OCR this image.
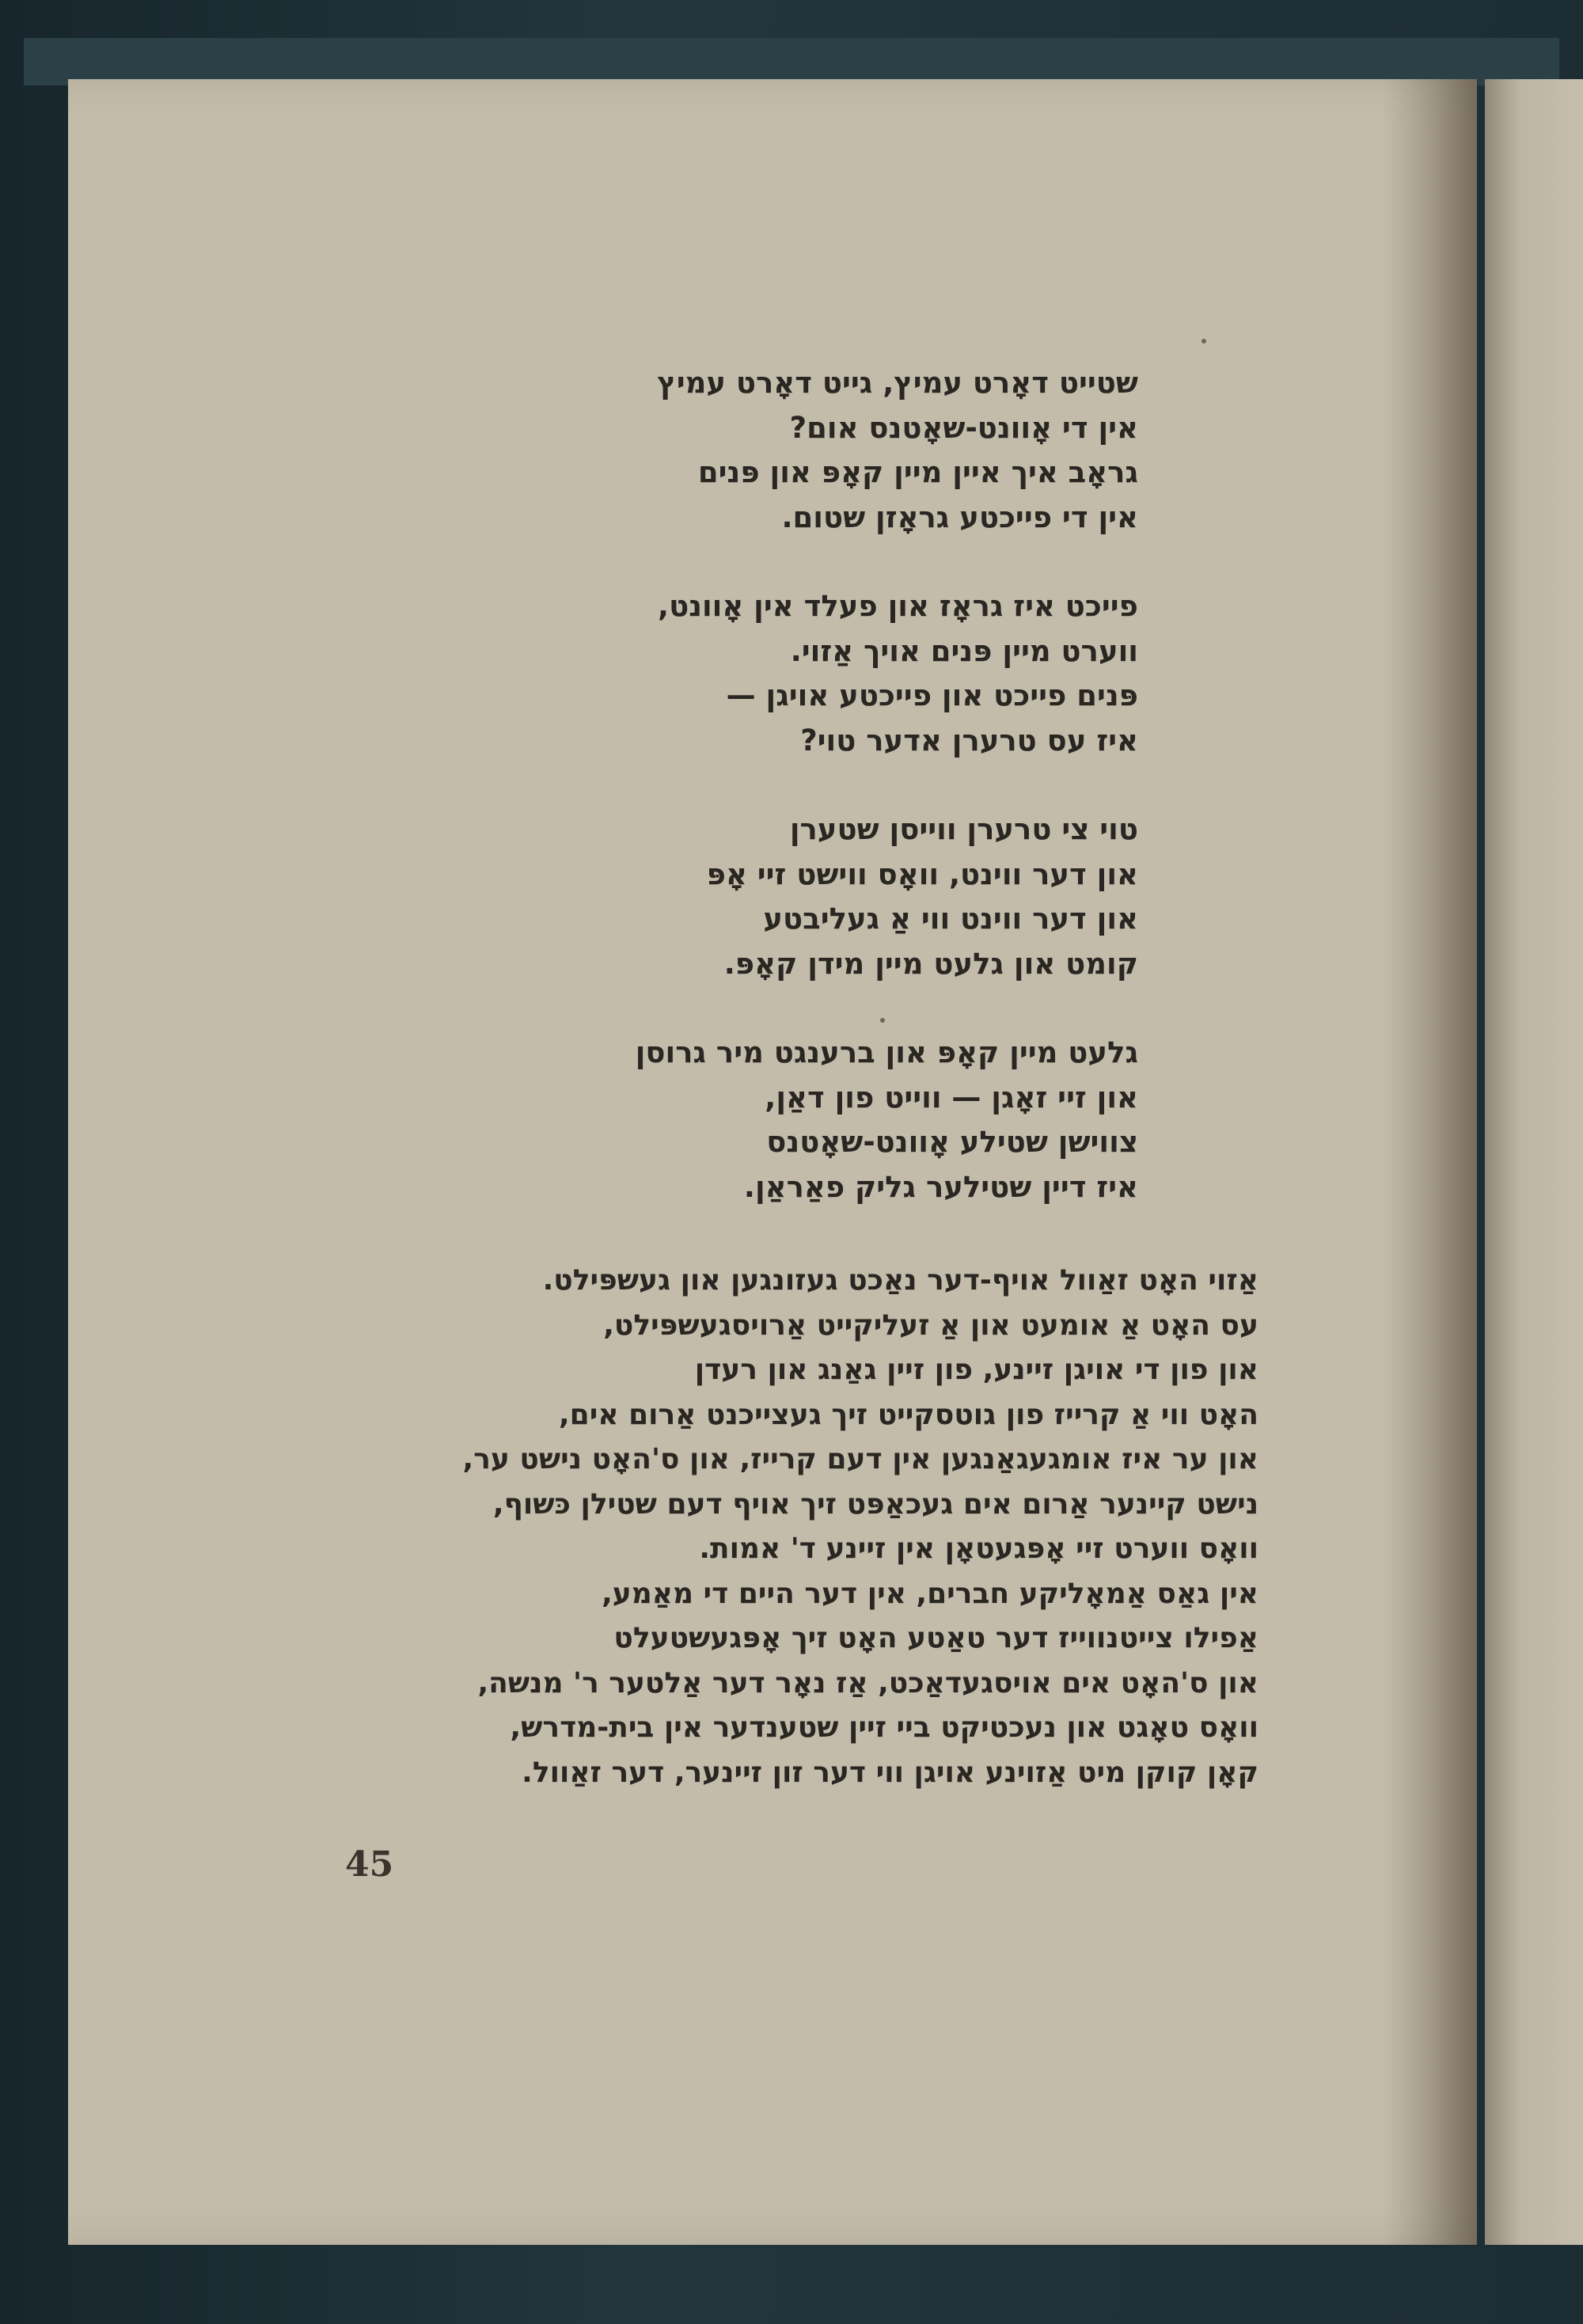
שטייט דאָרט עמיץ, גייט דאָרט עמיץ
אין די אָוונט-שאָטנס אום?
גראָב איך איין מיין קאָפּ און פּנים
אין די פייכטע גראָזן שטום.
פייכט איז גראָז און פעלד אין אָוונט,
ווערט מיין פּנים אויך אַזוי.
פּנים פייכט און פייכטע אויגן —
איז עס טרערן אדער טוי?
טוי צי טרערן ווייסן שטערן
און דער ווינט, וואָס ווישט זיי אָפּ
און דער ווינט ווי אַ געליבטע
קומט און גלעט מיין מידן קאָפּ.
גלעט מיין קאָפּ און ברענגט מיר גרוסן
און זיי זאָגן — ווייט פון דאַן,
צווישן שטילע אָוונט-שאָטנס
איז דיין שטילער גליק פאַראַן.
אַזוי האָט זאַוול אויף-דער נאַכט געזונגען און געשפּילט.
עס האָט אַ אומעט און אַ זעליקייט אַרויסגעשפּילט,
און פון די אויגן זיינע, פון זיין גאַנג און רעדן
האָט ווי אַ קרייז פון גוטסקייט זיך געצייכנט אַרום אים,
און ער איז אומגעגאַנגען אין דעם קרייז, און ס'האָט נישט ער,
נישט קיינער אַרום אים געכאַפּט זיך אויף דעם שטילן כּשוף,
וואָס ווערט זיי אָפּגעטאָן אין זיינע ד' אמות.
אין גאַס אַמאָליקע חברים, אין דער היים די מאַמע,
אַפילו צייטנווייז דער טאַטע האָט זיך אָפּגעשטעלט
און ס'האָט אים אויסגעדאַכט, אַז נאָר דער אַלטער ר' מנשה,
וואָס טאָגט און נעכטיקט ביי זיין שטענדער אין בית-מדרש,
קאָן קוקן מיט אַזוינע אויגן ווי דער זון זיינער, דער זאַוול.
45
